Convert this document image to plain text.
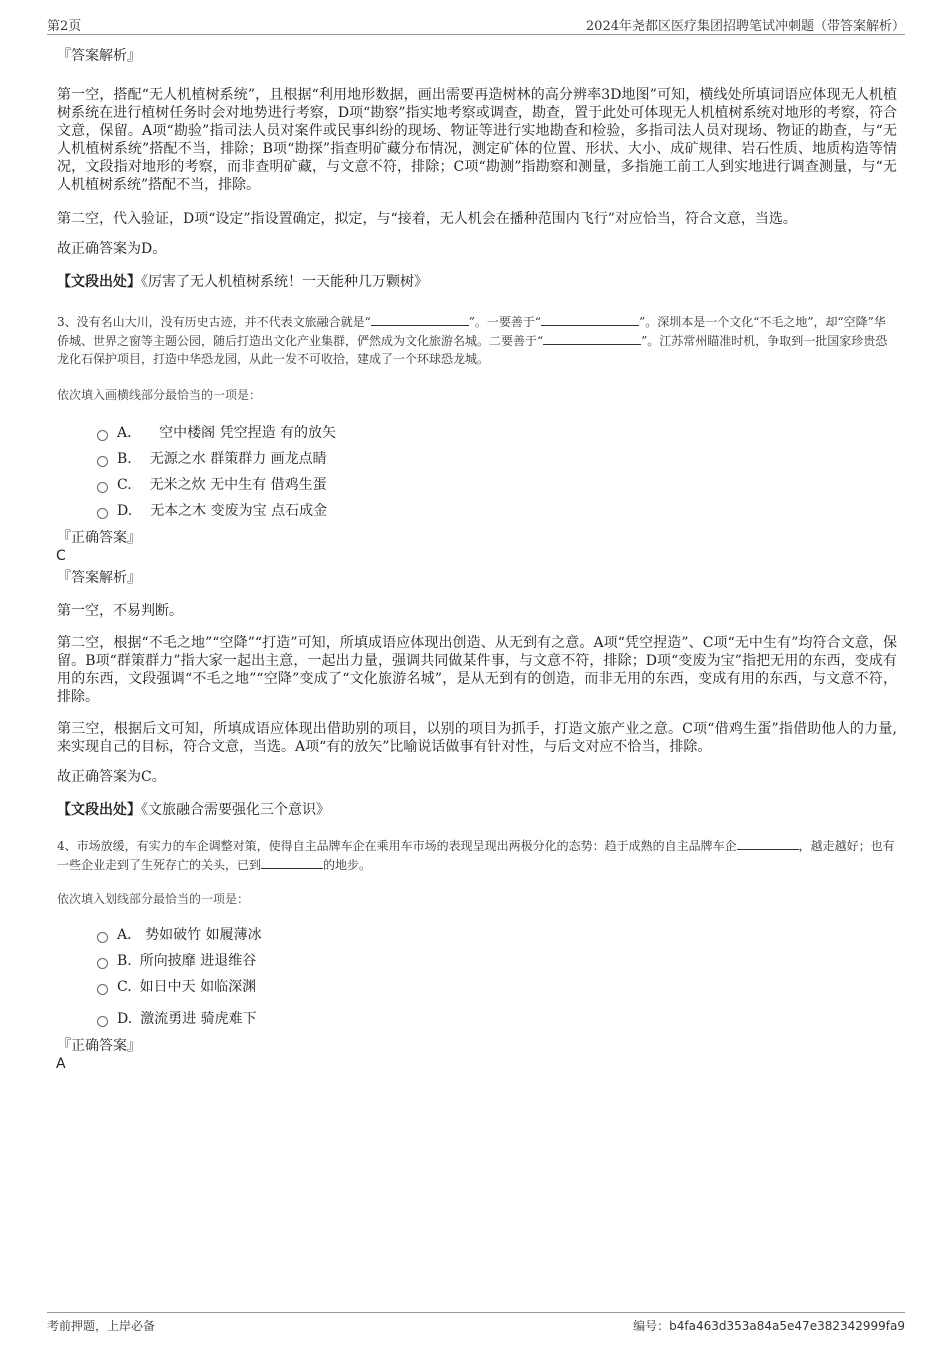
第2页	2024年尧都区医疗集团招聘笔试冲刺题（带答案解析）
『答案解析』

第一空，搭配“无人机植树系统”，且根据“利用地形数据，画出需要再造树林的高分辨率3D地图”可知，横线处所填词语应体现无人机植树系统在进行植树任务时会对地势进行考察，D项“勘察”指实地考察或调查，勘查，置于此处可体现无人机植树系统对地形的考察，符合文意，保留。A项“勘验”指司法人员对案件或民事纠纷的现场、物证等进行实地勘查和检验，多指司法人员对现场、物证的勘查，与“无人机植树系统”搭配不当，排除；B项“勘探”指查明矿藏分布情况，测定矿体的位置、形状、大小、成矿规律、岩石性质、地质构造等情况，文段指对地形的考察，而非查明矿藏，与文意不符，排除；C项“勘测”指勘察和测量，多指施工前工人到实地进行调查测量，与“无人机植树系统”搭配不当，排除。

第二空，代入验证，D项“设定”指设置确定，拟定，与“接着，无人机会在播种范围内飞行”对应恰当，符合文意，当选。

故正确答案为D。

【文段出处】《厉害了无人机植树系统！一天能种几万颗树》

3、没有名山大川，没有历史古迹，并不代表文旅融合就是“	”。一要善于“	”。深圳本是一个文化“不毛之地”，却“空降”华侨城、世界之窗等主题公园，随后打造出文化产业集群，俨然成为文化旅游名城。二要善于“	”。江苏常州瞄准时机，争取到一批国家珍贵恐龙化石保护项目，打造中华恐龙园，从此一发不可收拾，建成了一个环球恐龙城。

依次填入画横线部分最恰当的一项是：
A． 空中楼阁 凭空捏造 有的放矢
B. 无源之水 群策群力 画龙点睛
C. 无米之炊 无中生有 借鸡生蛋
D. 无本之木 变废为宝 点石成金
『正确答案』
C
『答案解析』

第一空，不易判断。

第二空，根据“不毛之地”“空降”“打造”可知，所填成语应体现出创造、从无到有之意。A项“凭空捏造”、C项“无中生有”均符合文意，保留。B项“群策群力”指大家一起出主意，一起出力量，强调共同做某件事，与文意不符，排除；D项“变废为宝”指把无用的东西，变成有用的东西，文段强调“不毛之地”“空降”变成了“文化旅游名城”，是从无到有的创造，而非无用的东西，变成有用的东西，与文意不符，排除。

第三空，根据后文可知，所填成语应体现出借助别的项目，以别的项目为抓手，打造文旅产业之意。C项“借鸡生蛋”指借助他人的力量,来实现自己的目标，符合文意，当选。A项“有的放矢”比喻说话做事有针对性，与后文对应不恰当，排除。

故正确答案为C。

【文段出处】《文旅融合需要强化三个意识》

4、市场放缓，有实力的车企调整对策，使得自主品牌车企在乘用车市场的表现呈现出两极分化的态势：趋于成熟的自主品牌车企	，越走越好；也有一些企业走到了生死存亡的关头，已到	的地步。

依次填入划线部分最恰当的一项是：
A． 势如破竹 如履薄冰
B. 所向披靡 进退维谷
C. 如日中天 如临深渊
D. 激流勇进 骑虎难下
『正确答案』
A
考前押题，上岸必备	编号：b4fa463d353a84a5e47e382342999fa9
